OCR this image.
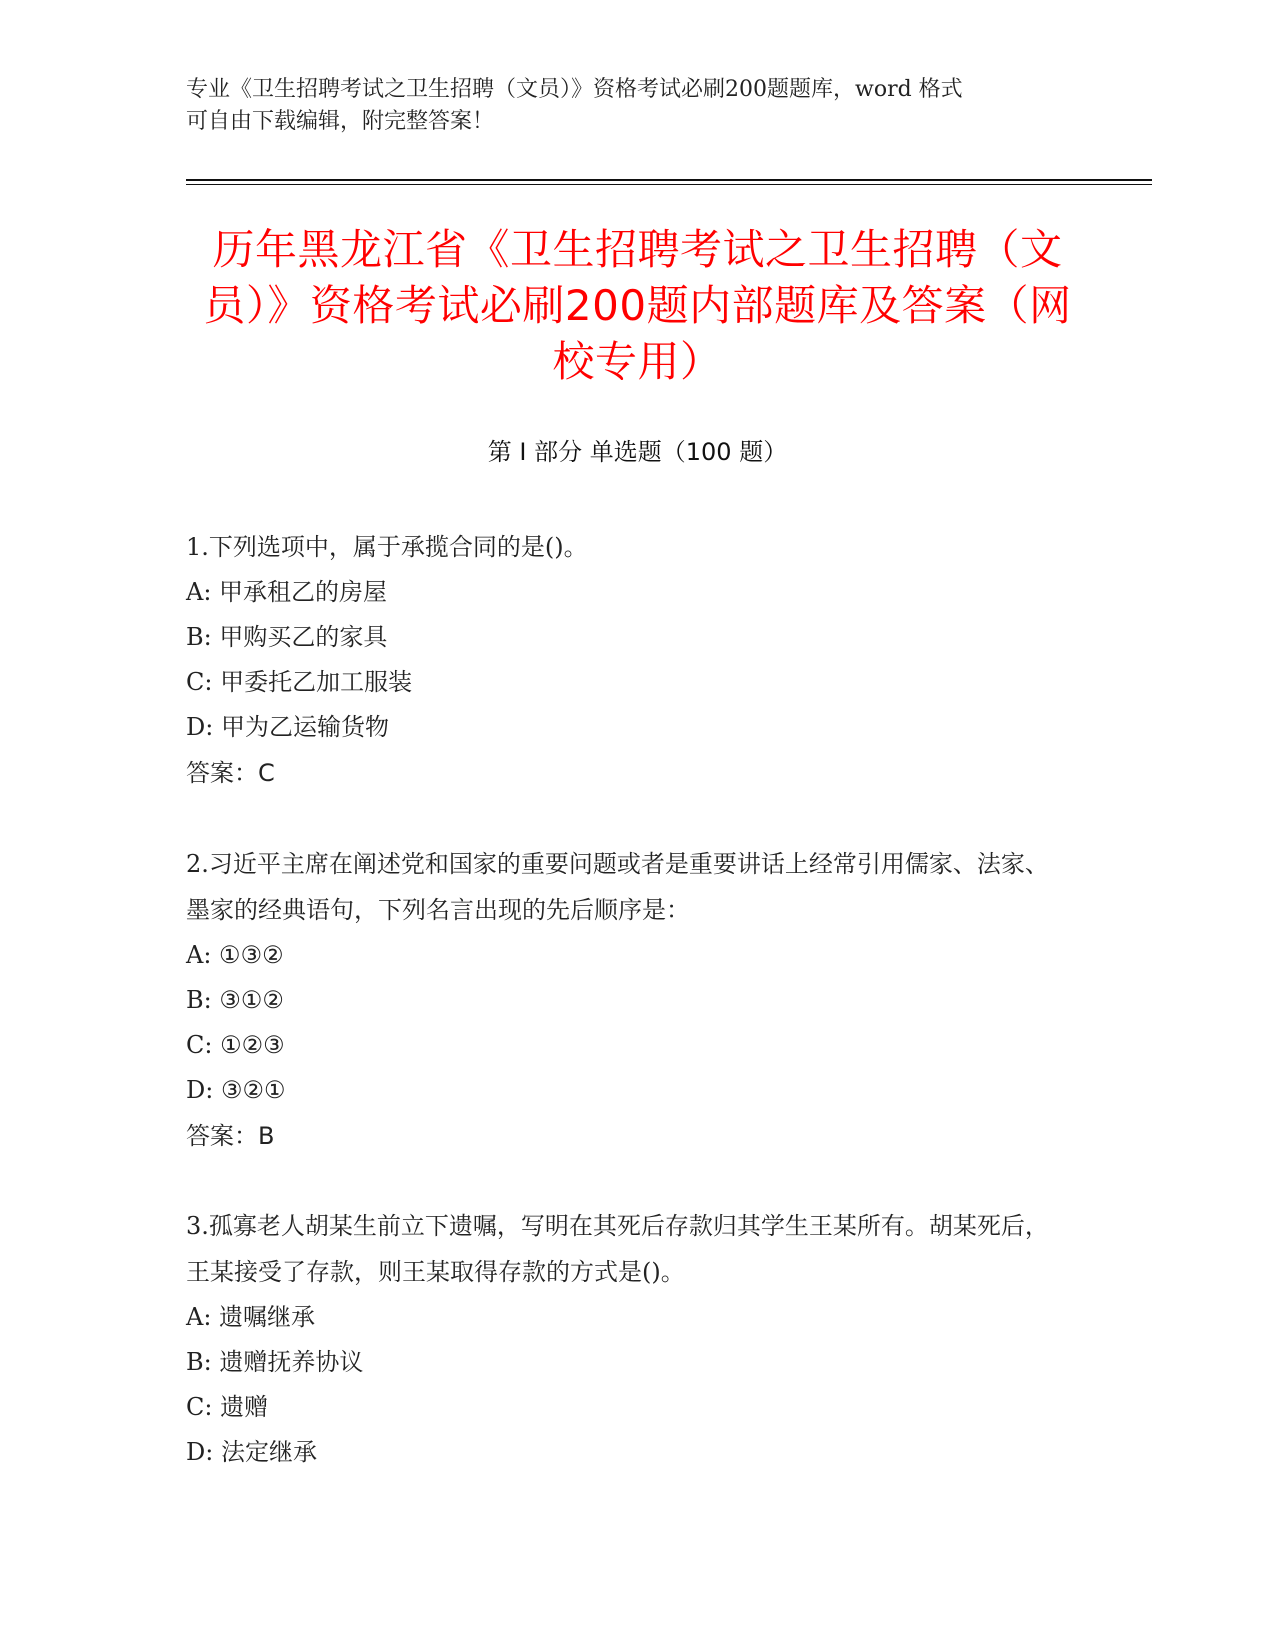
专业《卫生招聘考试之卫生招聘（文员）》资格考试必刷200题题库，word 格式
可自由下载编辑，附完整答案！
历年黑龙江省《卫生招聘考试之卫生招聘（文员）》资格考试必刷200题内部题库及答案（网校专用）
第 I 部分 单选题（100 题）

1.下列选项中，属于承揽合同的是()。

A: 甲承租乙的房屋

B: 甲购买乙的家具

C: 甲委托乙加工服装

D: 甲为乙运输货物

答案：C

2.习近平主席在阐述党和国家的重要问题或者是重要讲话上经常引用儒家、法家、墨家的经典语句，下列名言出现的先后顺序是：

A: ①③②

B: ③①②

C: ①②③

D: ③②①

答案：B

3.孤寡老人胡某生前立下遗嘱，写明在其死后存款归其学生王某所有。胡某死后，王某接受了存款，则王某取得存款的方式是()。

A: 遗嘱继承

B: 遗赠抚养协议

C: 遗赠

D: 法定继承
